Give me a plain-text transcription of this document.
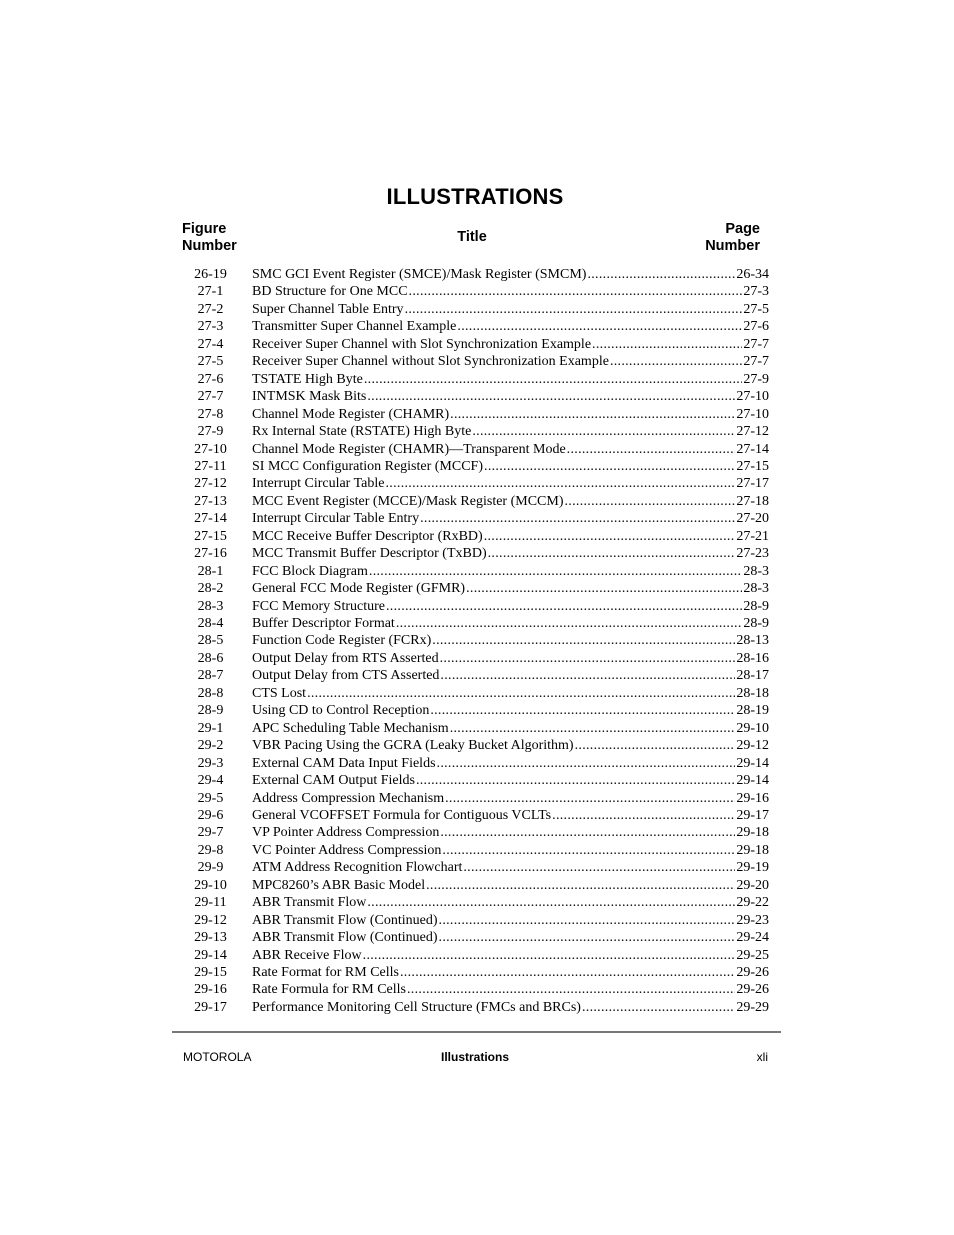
ILLUSTRATIONS
Figure
Number
Title	Page
Number
26-19	SMC GCI Event Register (SMCE)/Mask Register (SMCM) .....	26-34
27-1	BD Structure for One MCC .....	27-3
27-2	Super Channel Table Entry .....	27-5
27-3	Transmitter Super Channel Example .....	27-6
27-4	Receiver Super Channel with Slot Synchronization Example .....	27-7
27-5	Receiver Super Channel without Slot Synchronization Example .....	27-7
27-6	TSTATE High Byte .....	27-9
27-7	INTMSK Mask Bits .....	27-10
27-8	Channel Mode Register (CHAMR) .....	27-10
27-9	Rx Internal State (RSTATE) High Byte .....	27-12
27-10	Channel Mode Register (CHAMR)—Transparent Mode .....	27-14
27-11	SI MCC Configuration Register (MCCF) .....	27-15
27-12	Interrupt Circular Table .....	27-17
27-13	MCC Event Register (MCCE)/Mask Register (MCCM) .....	27-18
27-14	Interrupt Circular Table Entry .....	27-20
27-15	MCC Receive Buffer Descriptor (RxBD) .....	27-21
27-16	MCC Transmit Buffer Descriptor (TxBD) .....	27-23
28-1	FCC Block Diagram .....	28-3
28-2	General FCC Mode Register (GFMR) .....	28-3
28-3	FCC Memory Structure .....	28-9
28-4	Buffer Descriptor Format .....	28-9
28-5	Function Code Register (FCRx) .....	28-13
28-6	Output Delay from RTS Asserted .....	28-16
28-7	Output Delay from CTS Asserted .....	28-17
28-8	CTS Lost .....	28-18
28-9	Using CD to Control Reception .....	28-19
29-1	APC Scheduling Table Mechanism .....	29-10
29-2	VBR Pacing Using the GCRA (Leaky Bucket Algorithm) .....	29-12
29-3	External CAM Data Input Fields .....	29-14
29-4	External CAM Output Fields .....	29-14
29-5	Address Compression Mechanism .....	29-16
29-6	General VCOFFSET Formula for Contiguous VCLTs .....	29-17
29-7	VP Pointer Address Compression .....	29-18
29-8	VC Pointer Address Compression .....	29-18
29-9	ATM Address Recognition Flowchart .....	29-19
29-10	MPC8260’s ABR Basic Model .....	29-20
29-11	ABR Transmit Flow .....	29-22
29-12	ABR Transmit Flow (Continued) .....	29-23
29-13	ABR Transmit Flow (Continued) .....	29-24
29-14	ABR Receive Flow .....	29-25
29-15	Rate Format for RM Cells .....	29-26
29-16	Rate Formula for RM Cells .....	29-26
29-17	Performance Monitoring Cell Structure (FMCs and BRCs) .....	29-29
MOTOROLA	Illustrations	xli
